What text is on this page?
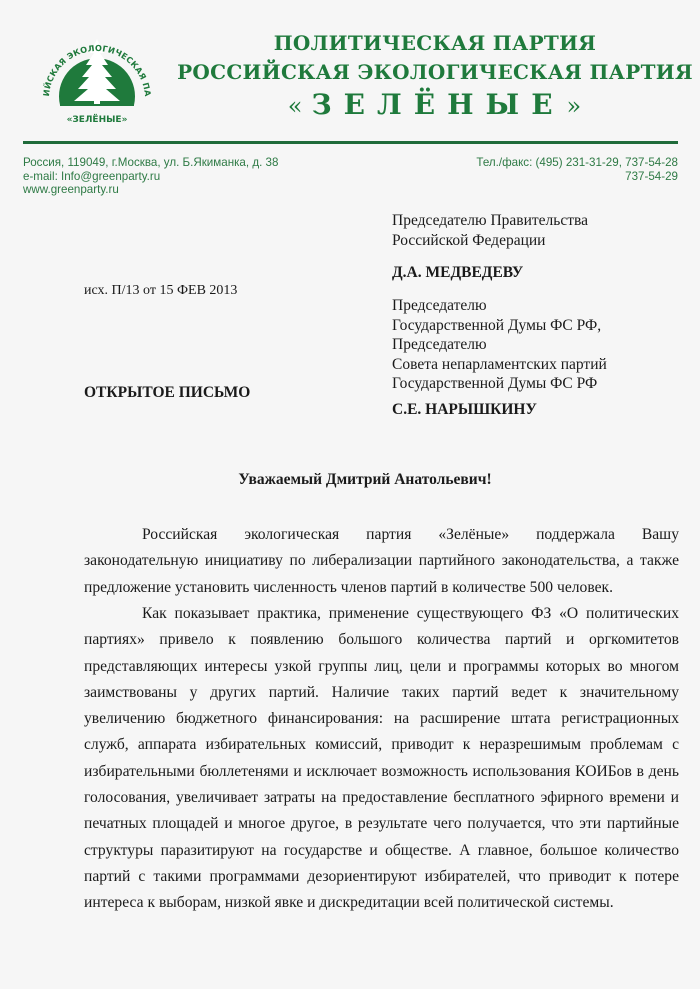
ИЙСКАЯ ЭКОЛОГИЧЕСКАЯ ПА
«ЗЕЛЁНЫЕ»
ПОЛИТИЧЕСКАЯ ПАРТИЯ
РОССИЙСКАЯ ЭКОЛОГИЧЕСКАЯ ПАРТИЯ
« ЗЕЛЁНЫЕ»
Россия, 119049, г.Москва, ул. Б.Якиманка, д. 38
e-mail: Info@greenparty.ru
www.greenparty.ru
Тел./факс: (495) 231-31-29, 737-54-28
737-54-29
Председателю Правительства
Российской Федерации
Д.А. МЕДВЕДЕВУ
Председателю
Государственной Думы ФС РФ,
Председателю
Совета непарламентских партий
Государственной Думы ФС РФ
С.Е. НАРЫШКИНУ
исх. П/13 от 15 ФЕВ 2013
ОТКРЫТОЕ ПИСЬМО
Уважаемый Дмитрий Анатольевич!

Российская экологическая партия «Зелёные» поддержала Вашу законодательную инициативу по либерализации партийного законодательства, а также предложение установить численность членов партий в количестве 500 человек.

Как показывает практика, применение существующего ФЗ «О политических партиях» привело к появлению большого количества партий и оргкомитетов представляющих интересы узкой группы лиц, цели и программы которых во многом заимствованы у других партий. Наличие таких партий ведет к значительному увеличению бюджетного финансирования: на расширение штата регистрационных служб, аппарата избирательных комиссий, приводит к неразрешимым проблемам с избирательными бюллетенями и исключает возможность использования КОИБов в день голосования, увеличивает затраты на предоставление бесплатного эфирного времени и печатных площадей и многое другое, в результате чего получается, что эти партийные структуры паразитируют на государстве и обществе. А главное, большое количество партий с такими программами дезориентируют избирателей, что приводит к потере интереса к выборам, низкой явке и дискредитации всей политической системы.
